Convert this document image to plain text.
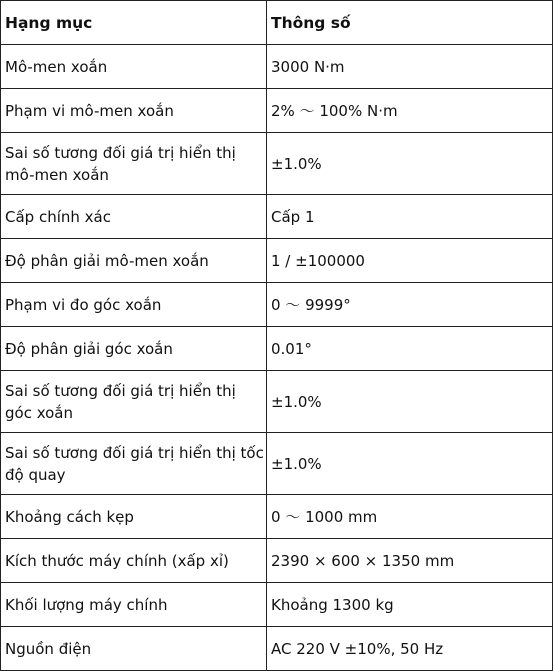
Hạng mục	Thông số
Mô-men xoắn	3000 N·m
Phạm vi mô-men xoắn	2% ～ 100% N·m
Sai số tương đối giá trị hiển thị mô-men xoắn	±1.0%
Cấp chính xác	Cấp 1
Độ phân giải mô-men xoắn	1 / ±100000
Phạm vi đo góc xoắn	0 ～ 9999°
Độ phân giải góc xoắn	0.01°
Sai số tương đối giá trị hiển thị góc xoắn	±1.0%
Sai số tương đối giá trị hiển thị tốc độ quay	±1.0%
Khoảng cách kẹp	0 ～ 1000 mm
Kích thước máy chính (xấp xỉ)	2390 × 600 × 1350 mm
Khối lượng máy chính	Khoảng 1300 kg
Nguồn điện	AC 220 V ±10%, 50 Hz
